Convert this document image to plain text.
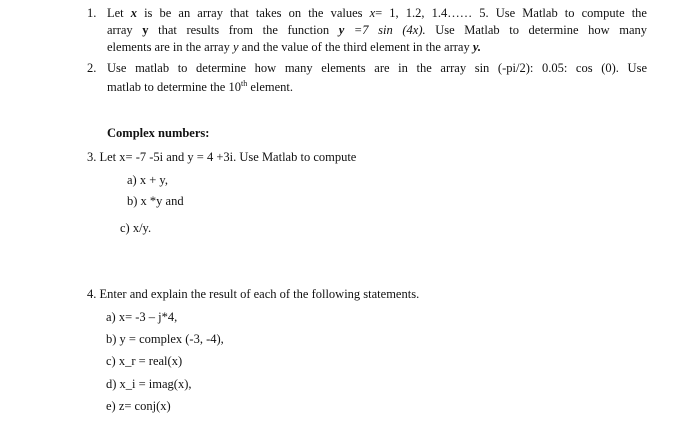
1. Let x is be an array that takes on the values x= 1, 1.2, 1.4…… 5. Use Matlab to compute the
array y that results from the function y =7 sin (4x). Use Matlab to determine how many
elements are in the array y and the value of the third element in the array y.
2. Use matlab to determine how many elements are in the array sin (-pi/2): 0.05: cos (0). Use
matlab to determine the 10th element.
Complex numbers:
3. Let x= -7 -5i and y = 4 +3i. Use Matlab to compute
a) x + y,
b) x *y and
c) x/y.
4. Enter and explain the result of each of the following statements.
a) x= -3 – j*4,
b) y = complex (-3, -4),
c) x_r = real(x)
d) x_i = imag(x),
e) z= conj(x)
